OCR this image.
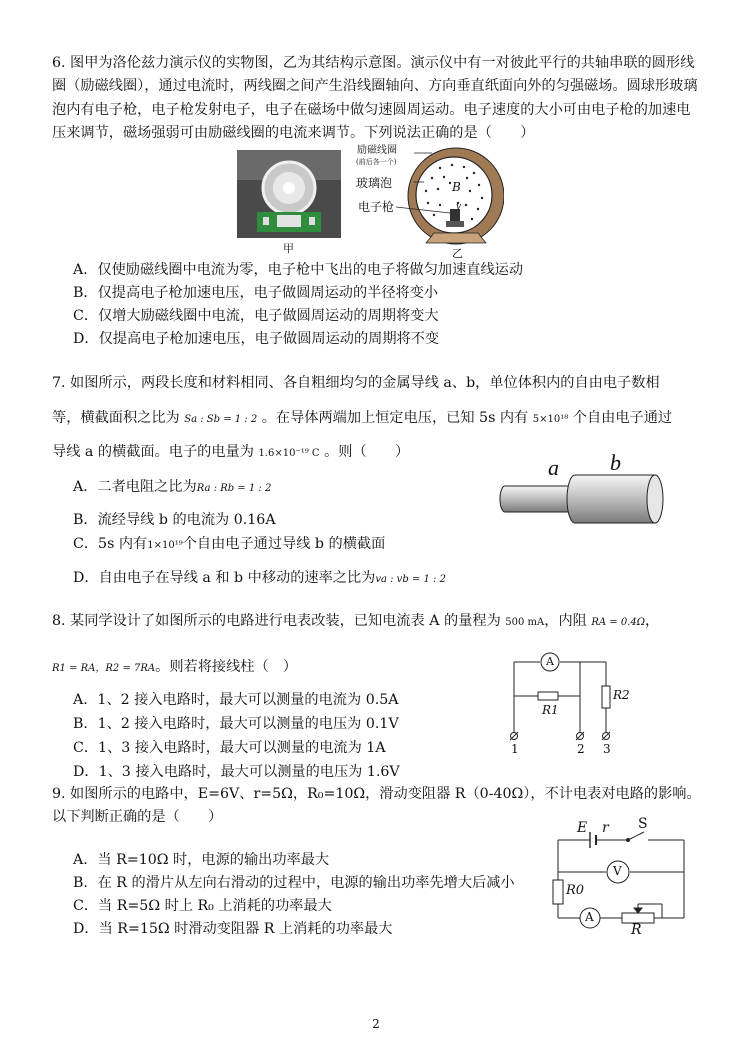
6. 图甲为洛伦兹力演示仪的实物图，乙为其结构示意图。演示仪中有一对彼此平行的共轴串联的圆形线圈（励磁线圈），通过电流时，两线圈之间产生沿线圈轴向、方向垂直纸面向外的匀强磁场。圆球形玻璃泡内有电子枪，电子枪发射电子，电子在磁场中做匀速圆周运动。电子速度的大小可由电子枪的加速电压来调节，磁场强弱可由励磁线圈的电流来调节。下列说法正确的是（　　）
甲
励磁线圈
(前后各一个)
玻璃泡
电子枪
B
v
乙
A．仅使励磁线圈中电流为零，电子枪中飞出的电子将做匀加速直线运动
B．仅提高电子枪加速电压，电子做圆周运动的半径将变小
C．仅增大励磁线圈中电流，电子做圆周运动的周期将变大
D．仅提高电子枪加速电压，电子做圆周运动的周期将不变
7. 如图所示，两段长度和材料相同、各自粗细均匀的金属导线 a、b，单位体积内的自由电子数相
等，横截面积之比为 Sa : Sb = 1 : 2 。在导体两端加上恒定电压，已知 5s 内有 5×10¹⁸ 个自由电子通过
导线 a 的横截面。电子的电量为 1.6×10⁻¹⁹ C 。则（　　）
a b
A．二者电阻之比为Ra : Rb = 1 : 2
B．流经导线 b 的电流为 0.16A
C．5s 内有1×10¹⁹个自由电子通过导线 b 的横截面
D．自由电子在导线 a 和 b 中移动的速率之比为va : vb = 1 : 2
8. 某同学设计了如图所示的电路进行电表改装，已知电流表 A 的量程为 500 mA，内阻 RA = 0.4Ω，
R1 = RA，R2 = 7RA。则若将接线柱（　）	A
R1
R2
1	2 3
A．1、2 接入电路时，最大可以测量的电流为 0.5A
B．1、2 接入电路时，最大可以测量的电压为 0.1V
C．1、3 接入电路时，最大可以测量的电流为 1A
D．1、3 接入电路时，最大可以测量的电压为 1.6V
9. 如图所示的电路中，E=6V、r=5Ω，R₀=10Ω，滑动变阻器 R（0-40Ω），不计电表对电路的影响。
以下判断正确的是（　　）
E r S
V
R0
A
R
A．当 R=10Ω 时，电源的输出功率最大
B．在 R 的滑片从左向右滑动的过程中，电源的输出功率先增大后减小
C．当 R=5Ω 时上 R₀ 上消耗的功率最大
D．当 R=15Ω 时滑动变阻器 R 上消耗的功率最大
2
